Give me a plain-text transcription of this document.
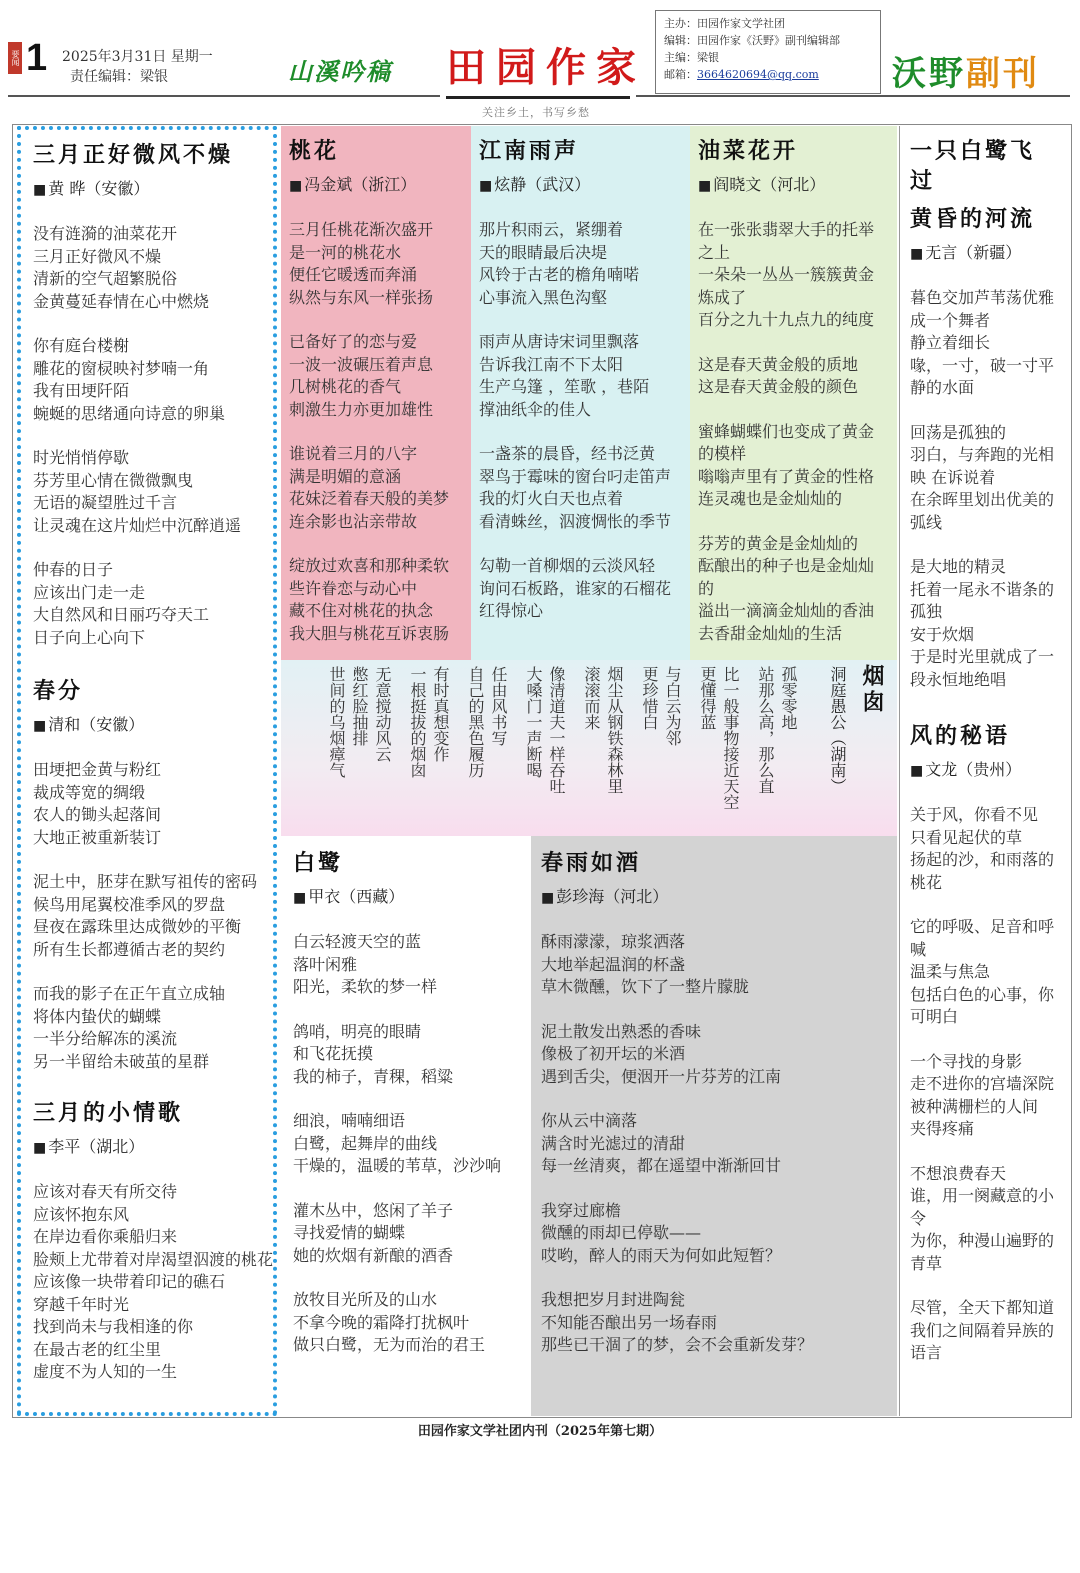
要闻 1 2025年3月31日 星期一
责任编辑：梁银	山溪吟稿 田园作家
关注乡土，书写乡愁
主办：田园作家文学社团
编辑：田园作家《沃野》副刊编辑部
主编：梁银
邮箱：3664620694@qq.com	沃野副刊
三月正好微风不燥
■ 黄 晔（安徽）
没有涟漪的油菜花开
三月正好微风不燥
清新的空气超繁脱俗
金黄蔓延春情在心中燃烧
你有庭台楼榭
雕花的窗棂映衬梦喃一角
我有田埂阡陌
蜿蜒的思绪通向诗意的卵巢
时光悄悄停歇
芬芳里心情在微微飘曳
无语的凝望胜过千言
让灵魂在这片灿烂中沉醉逍遥
仲春的日子
应该出门走一走
大自然风和日丽巧夺天工
日子向上心向下
春分
■ 清和（安徽）
田埂把金黄与粉红
裁成等宽的绸缎
农人的锄头起落间
大地正被重新装订
泥土中，胚芽在默写祖传的密码
候鸟用尾翼校准季风的罗盘
昼夜在露珠里达成微妙的平衡
所有生长都遵循古老的契约
而我的影子在正午直立成轴
将体内蛰伏的蝴蝶
一半分给解冻的溪流
另一半留给未破茧的星群
三月的小情歌
■ 李平（湖北）
应该对春天有所交待
应该怀抱东风
在岸边看你乘船归来
脸颊上尤带着对岸渴望泅渡的桃花
应该像一块带着印记的礁石
穿越千年时光
找到尚未与我相逢的你
在最古老的红尘里
虚度不为人知的一生
桃花
■ 冯金斌（浙江）
三月任桃花渐次盛开
是一河的桃花水
便任它暖透而奔涌
纵然与东风一样张扬
已备好了的恋与爱
一波一波碾压着声息
几树桃花的香气
刺激生力亦更加雄性
谁说着三月的八字
满是明媚的意涵
花妹泛着春天般的美梦
连余影也沾亲带故
绽放过欢喜和那种柔软
些许眷恋与动心中
藏不住对桃花的执念
我大胆与桃花互诉衷肠
江南雨声
■ 炫静（武汉）
那片积雨云，紧绷着
天的眼睛最后决堤
风铃于古老的檐角喃喏
心事流入黑色沟壑
雨声从唐诗宋词里飘落
告诉我江南不下太阳
生产乌篷 ，笙歌 ，巷陌
撑油纸伞的佳人
一盏茶的晨昏，经书泛黄
翠鸟于霉味的窗台叼走笛声
我的灯火白天也点着
看清蛛丝，泅渡惆怅的季节
勾勒一首柳烟的云淡风轻
询问石板路，谁家的石榴花红得惊心
油菜花开
■ 阎晓文（河北）
在一张张翡翠大手的托举之上
一朵朵一丛丛一簇簇黄金炼成了
百分之九十九点九的纯度
这是春天黄金般的质地
这是春天黄金般的颜色
蜜蜂蝴蝶们也变成了黄金的模样
嗡嗡声里有了黄金的性格
连灵魂也是金灿灿的
芬芳的黄金是金灿灿的
酝酿出的种子也是金灿灿的
溢出一滴滴金灿灿的香油
去香甜金灿灿的生活
一只白鹭飞过
黄昏的河流
■ 无言（新疆）
暮色交加芦苇荡优雅成一个舞者
静立着细长
喙，一寸，破一寸平静的水面
回荡是孤独的
羽白，与奔跑的光相映 在诉说着
在余晖里划出优美的弧线
是大地的精灵
托着一尾永不谐条的孤独
安于炊烟
于是时光里就成了一段永恒地绝唱
风的秘语
■ 文龙（贵州）
关于风，你看不见
只看见起伏的草
扬起的沙，和雨落的桃花
它的呼吸、足音和呼喊
温柔与焦急
包括白色的心事，你可明白
一个寻找的身影
走不进你的宫墙深院
被种满栅栏的人间
夹得疼痛
不想浪费春天
谁，用一阕藏意的小令
为你，种漫山遍野的青草
尽管，全天下都知道
我们之间隔着异族的语言
烟囱
洞庭愚公（湖南）
孤零零地
站那么高，那么直
比一般事物接近天空
更懂得蓝
与白云为邻
更珍惜白
烟尘从钢铁森林里
滚滚而来
像清道夫一样吞吐
大嗓门一声断喝
任由风书写
自己的黑色履历
有时真想变作
一根挺拔的烟囱
无意搅动风云
憋红脸抽排
世间的乌烟瘴气
白鹭
■ 甲衣（西藏）
白云轻渡天空的蓝
落叶闲雅
阳光，柔软的梦一样
鸽哨，明亮的眼睛
和飞花抚摸
我的柿子，青稞，稻粱
细浪，喃喃细语
白鹭，起舞岸的曲线
干燥的，温暖的苇草，沙沙响
灌木丛中，悠闲了羊子
寻找爱情的蝴蝶
她的炊烟有新酿的酒香
放牧目光所及的山水
不拿今晚的霜降打扰枫叶
做只白鹭，无为而治的君王
春雨如酒
■ 彭珍海（河北）
酥雨濛濛，琼浆洒落
大地举起温润的杯盏
草木微醺，饮下了一整片朦胧
泥土散发出熟悉的香味
像极了初开坛的米酒
遇到舌尖，便洇开一片芬芳的江南
你从云中滴落
满含时光滤过的清甜
每一丝清爽，都在遥望中渐渐回甘
我穿过廊檐
微醺的雨却已停歇——
哎哟，醉人的雨天为何如此短暂？
我想把岁月封进陶瓮
不知能否酿出另一场春雨
那些已干涸了的梦，会不会重新发芽？
田园作家文学社团内刊（2025年第七期）
